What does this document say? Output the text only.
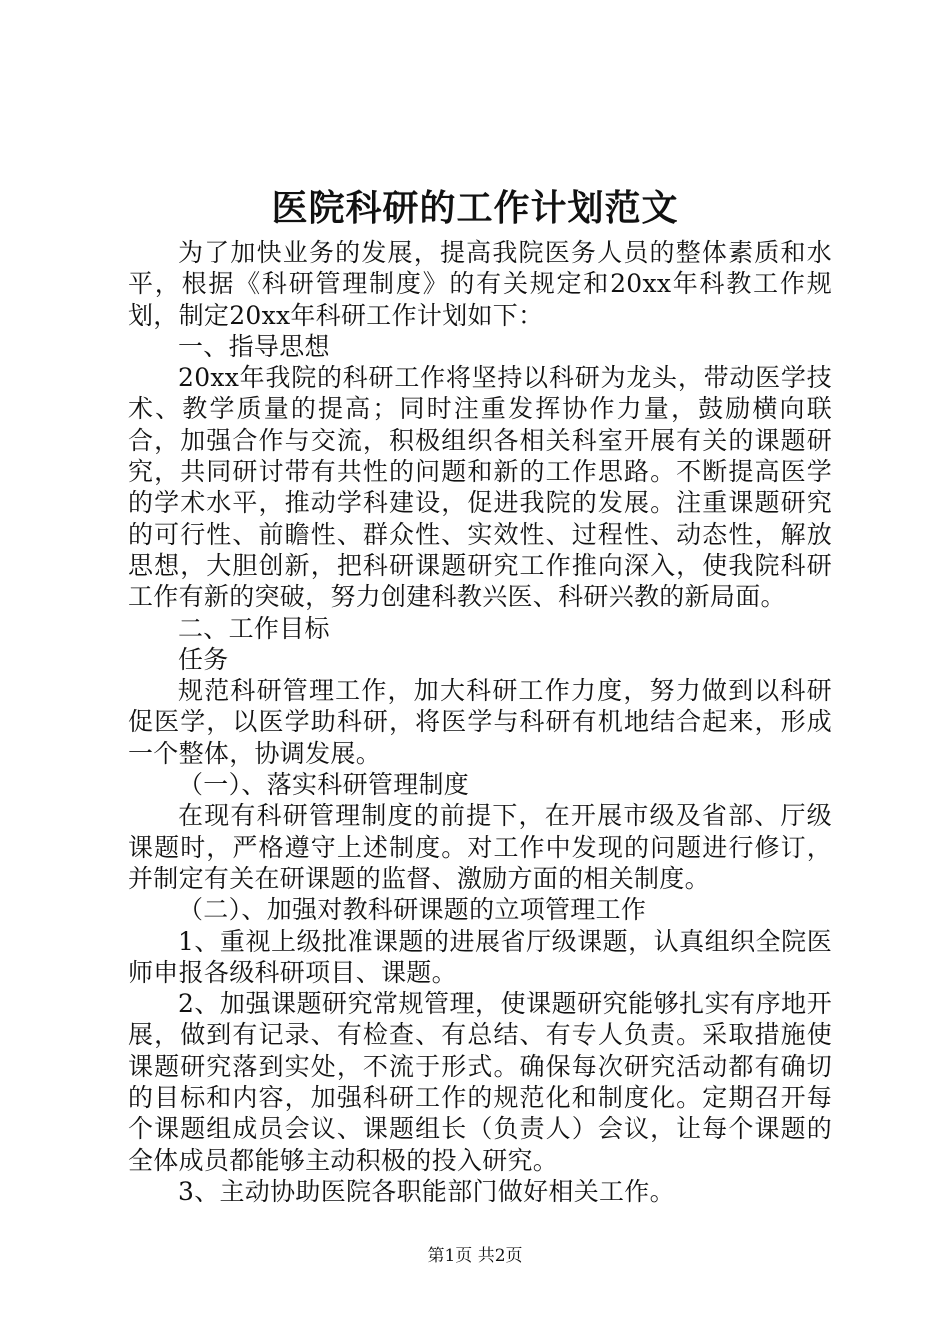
医院科研的工作计划范文

为了加快业务的发展，提高我院医务人员的整体素质和水平，根据《科研管理制度》的有关规定和20xx年科教工作规划，制定20xx年科研工作计划如下：

一、指导思想

20xx年我院的科研工作将坚持以科研为龙头，带动医学技术、教学质量的提高；同时注重发挥协作力量，鼓励横向联合，加强合作与交流，积极组织各相关科室开展有关的课题研究，共同研讨带有共性的问题和新的工作思路。不断提高医学的学术水平，推动学科建设，促进我院的发展。注重课题研究的可行性、前瞻性、群众性、实效性、过程性、动态性，解放思想，大胆创新，把科研课题研究工作推向深入，使我院科研工作有新的突破，努力创建科教兴医、科研兴教的新局面。

二、工作目标

任务

规范科研管理工作，加大科研工作力度，努力做到以科研促医学，以医学助科研，将医学与科研有机地结合起来，形成一个整体，协调发展。

（一）、落实科研管理制度

在现有科研管理制度的前提下，在开展市级及省部、厅级课题时，严格遵守上述制度。对工作中发现的问题进行修订，并制定有关在研课题的监督、激励方面的相关制度。

（二）、加强对教科研课题的立项管理工作

1、重视上级批准课题的进展省厅级课题，认真组织全院医师申报各级科研项目、课题。

2、加强课题研究常规管理，使课题研究能够扎实有序地开展，做到有记录、有检查、有总结、有专人负责。采取措施使课题研究落到实处，不流于形式。确保每次研究活动都有确切的目标和内容，加强科研工作的规范化和制度化。定期召开每个课题组成员会议、课题组长（负责人）会议，让每个课题的全体成员都能够主动积极的投入研究。

3、主动协助医院各职能部门做好相关工作。

第1页 共2页
